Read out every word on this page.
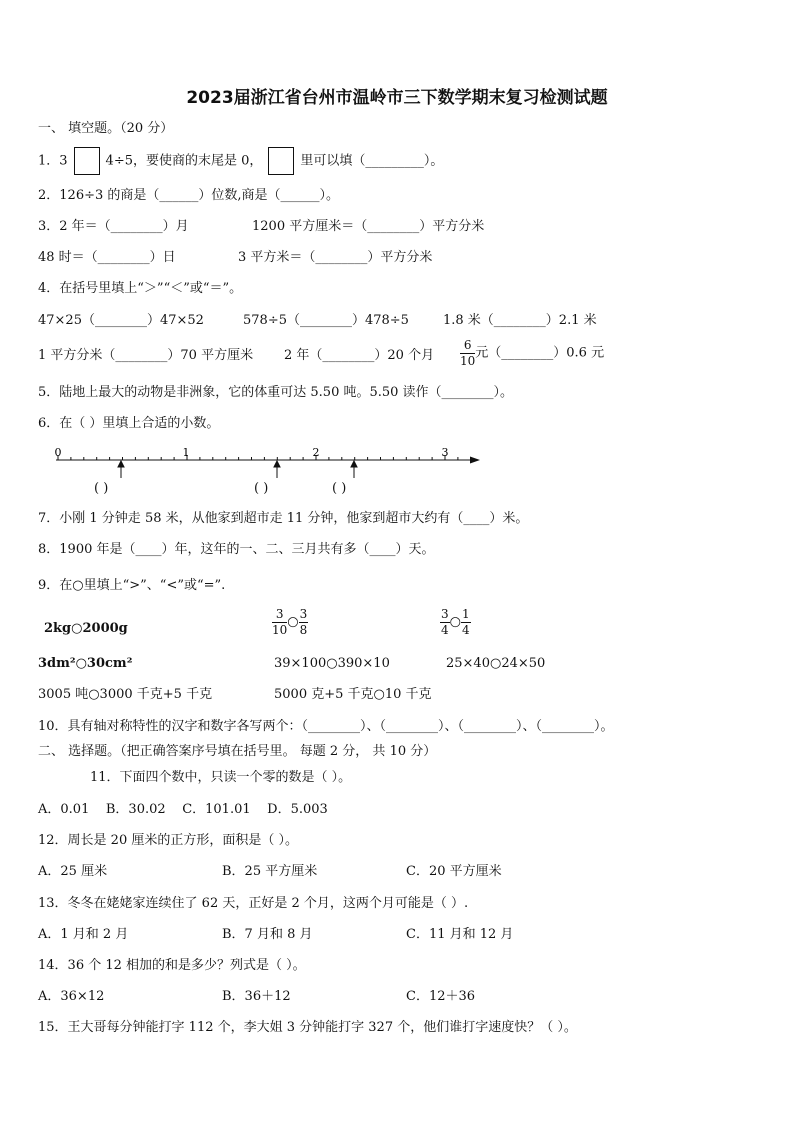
2023届浙江省台州市温岭市三下数学期末复习检测试题
一、 填空题。（20 分）
1．3	4÷5，要使商的末尾是 0，	里可以填（_________）。
2．126÷3 的商是（______）位数,商是（______）。
3．2 年＝（________）月	1200 平方厘米＝（________）平方分米
48 时＝（________）日	3 平方米＝（________）平方分米
4．在括号里填上“＞”“＜”或“＝”。
47×25（________）47×52	578÷5（________）478÷5	1.8 米（________）2.1 米
1 平方分米（________）70 平方厘米 2 年（________）20 个月 $\frac{6}{10}$ 元（________）0.6 元
5．陆地上最大的动物是非洲象，它的体重可达 5.50 吨。5.50 读作（________）。
6．在（ ）里填上合适的小数。
0	1	2	3
( )	( )	( )
7．小刚 1 分钟走 58 米，从他家到超市走 11 分钟，他家到超市大约有（____）米。
8．1900 年是（____）年，这年的一、二、三月共有多（____）天。
9．在○里填上“>”、“<”或“=”.
2kg○2000g	$\frac{3}{10}$ ○ $\frac{3}{8}$	$\frac{3}{4}$ ○ $\frac{1}{4}$
3dm²○30cm²	39×100○390×10	25×40○24×50
3005 吨○3000 千克+5 千克	5000 克+5 千克○10 千克
10．具有轴对称特性的汉字和数字各写两个：（________）、（________）、（________）、（________）。
二、 选择题。（把正确答案序号填在括号里。 每题 2 分， 共 10 分）
11．下面四个数中，只读一个零的数是（ ）。
A．0.01 B．30.02 C．101.01 D．5.003
12．周长是 20 厘米的正方形，面积是（ ）。
A．25 厘米	B．25 平方厘米	C．20 平方厘米
13．冬冬在姥姥家连续住了 62 天，正好是 2 个月，这两个月可能是（ ）.
A．1 月和 2 月	B．7 月和 8 月	C．11 月和 12 月
14．36 个 12 相加的和是多少？列式是（ ）。
A．36×12	B．36＋12	C．12＋36
15．王大哥每分钟能打字 112 个，李大姐 3 分钟能打字 327 个，他们谁打字速度快？（ ）。
